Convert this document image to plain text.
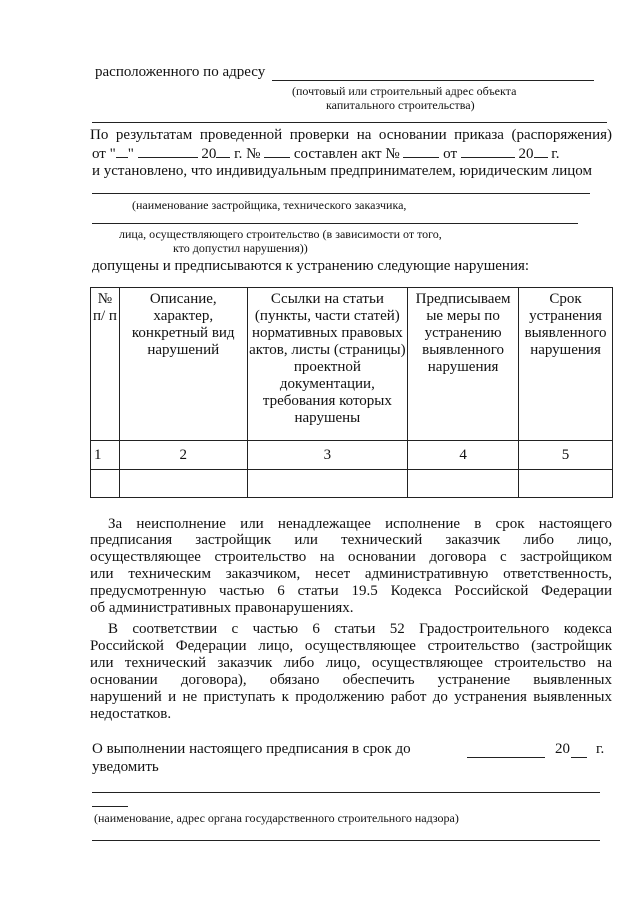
расположенного по адресу
(почтовый или строительный адрес объекта
капитального строительства)
По результатам проведенной проверки на основании приказа (распоряжения)
от " "	20 г. № составлен акт №	от	20 г.
и установлено, что индивидуальным предпринимателем, юридическим лицом
(наименование застройщика, технического заказчика,
лица, осуществляющего строительство (в зависимости от того,
кто допустил нарушения))
допущены и предписываются к устранению следующие нарушения:
№ п/ п	Описание, характер, конкретный вид нарушений	Ссылки на статьи (пункты, части статей) нормативных правовых актов, листы (страницы) проектной документации, требования которых нарушены	Предписываем ые меры по устранению выявленного нарушения	Срок устранения выявленного нарушения
1	2	3	4	5

За неисполнение или ненадлежащее исполнение в срок настоящего
предписания застройщик или технический заказчик либо лицо,
осуществляющее строительство на основании договора с застройщиком
или техническим заказчиком, несет административную ответственность,
предусмотренную частью 6 статьи 19.5 Кодекса Российской Федерации
об административных правонарушениях.
В соответствии с частью 6 статьи 52 Градостроительного кодекса
Российской Федерации лицо, осуществляющее строительство (застройщик
или технический заказчик либо лицо, осуществляющее строительство на
основании договора), обязано обеспечить устранение выявленных
нарушений и не приступать к продолжению работ до устранения выявленных
недостатков.
О выполнении настоящего предписания в срок до	20 г.
уведомить
(наименование, адрес органа государственного строительного надзора)
